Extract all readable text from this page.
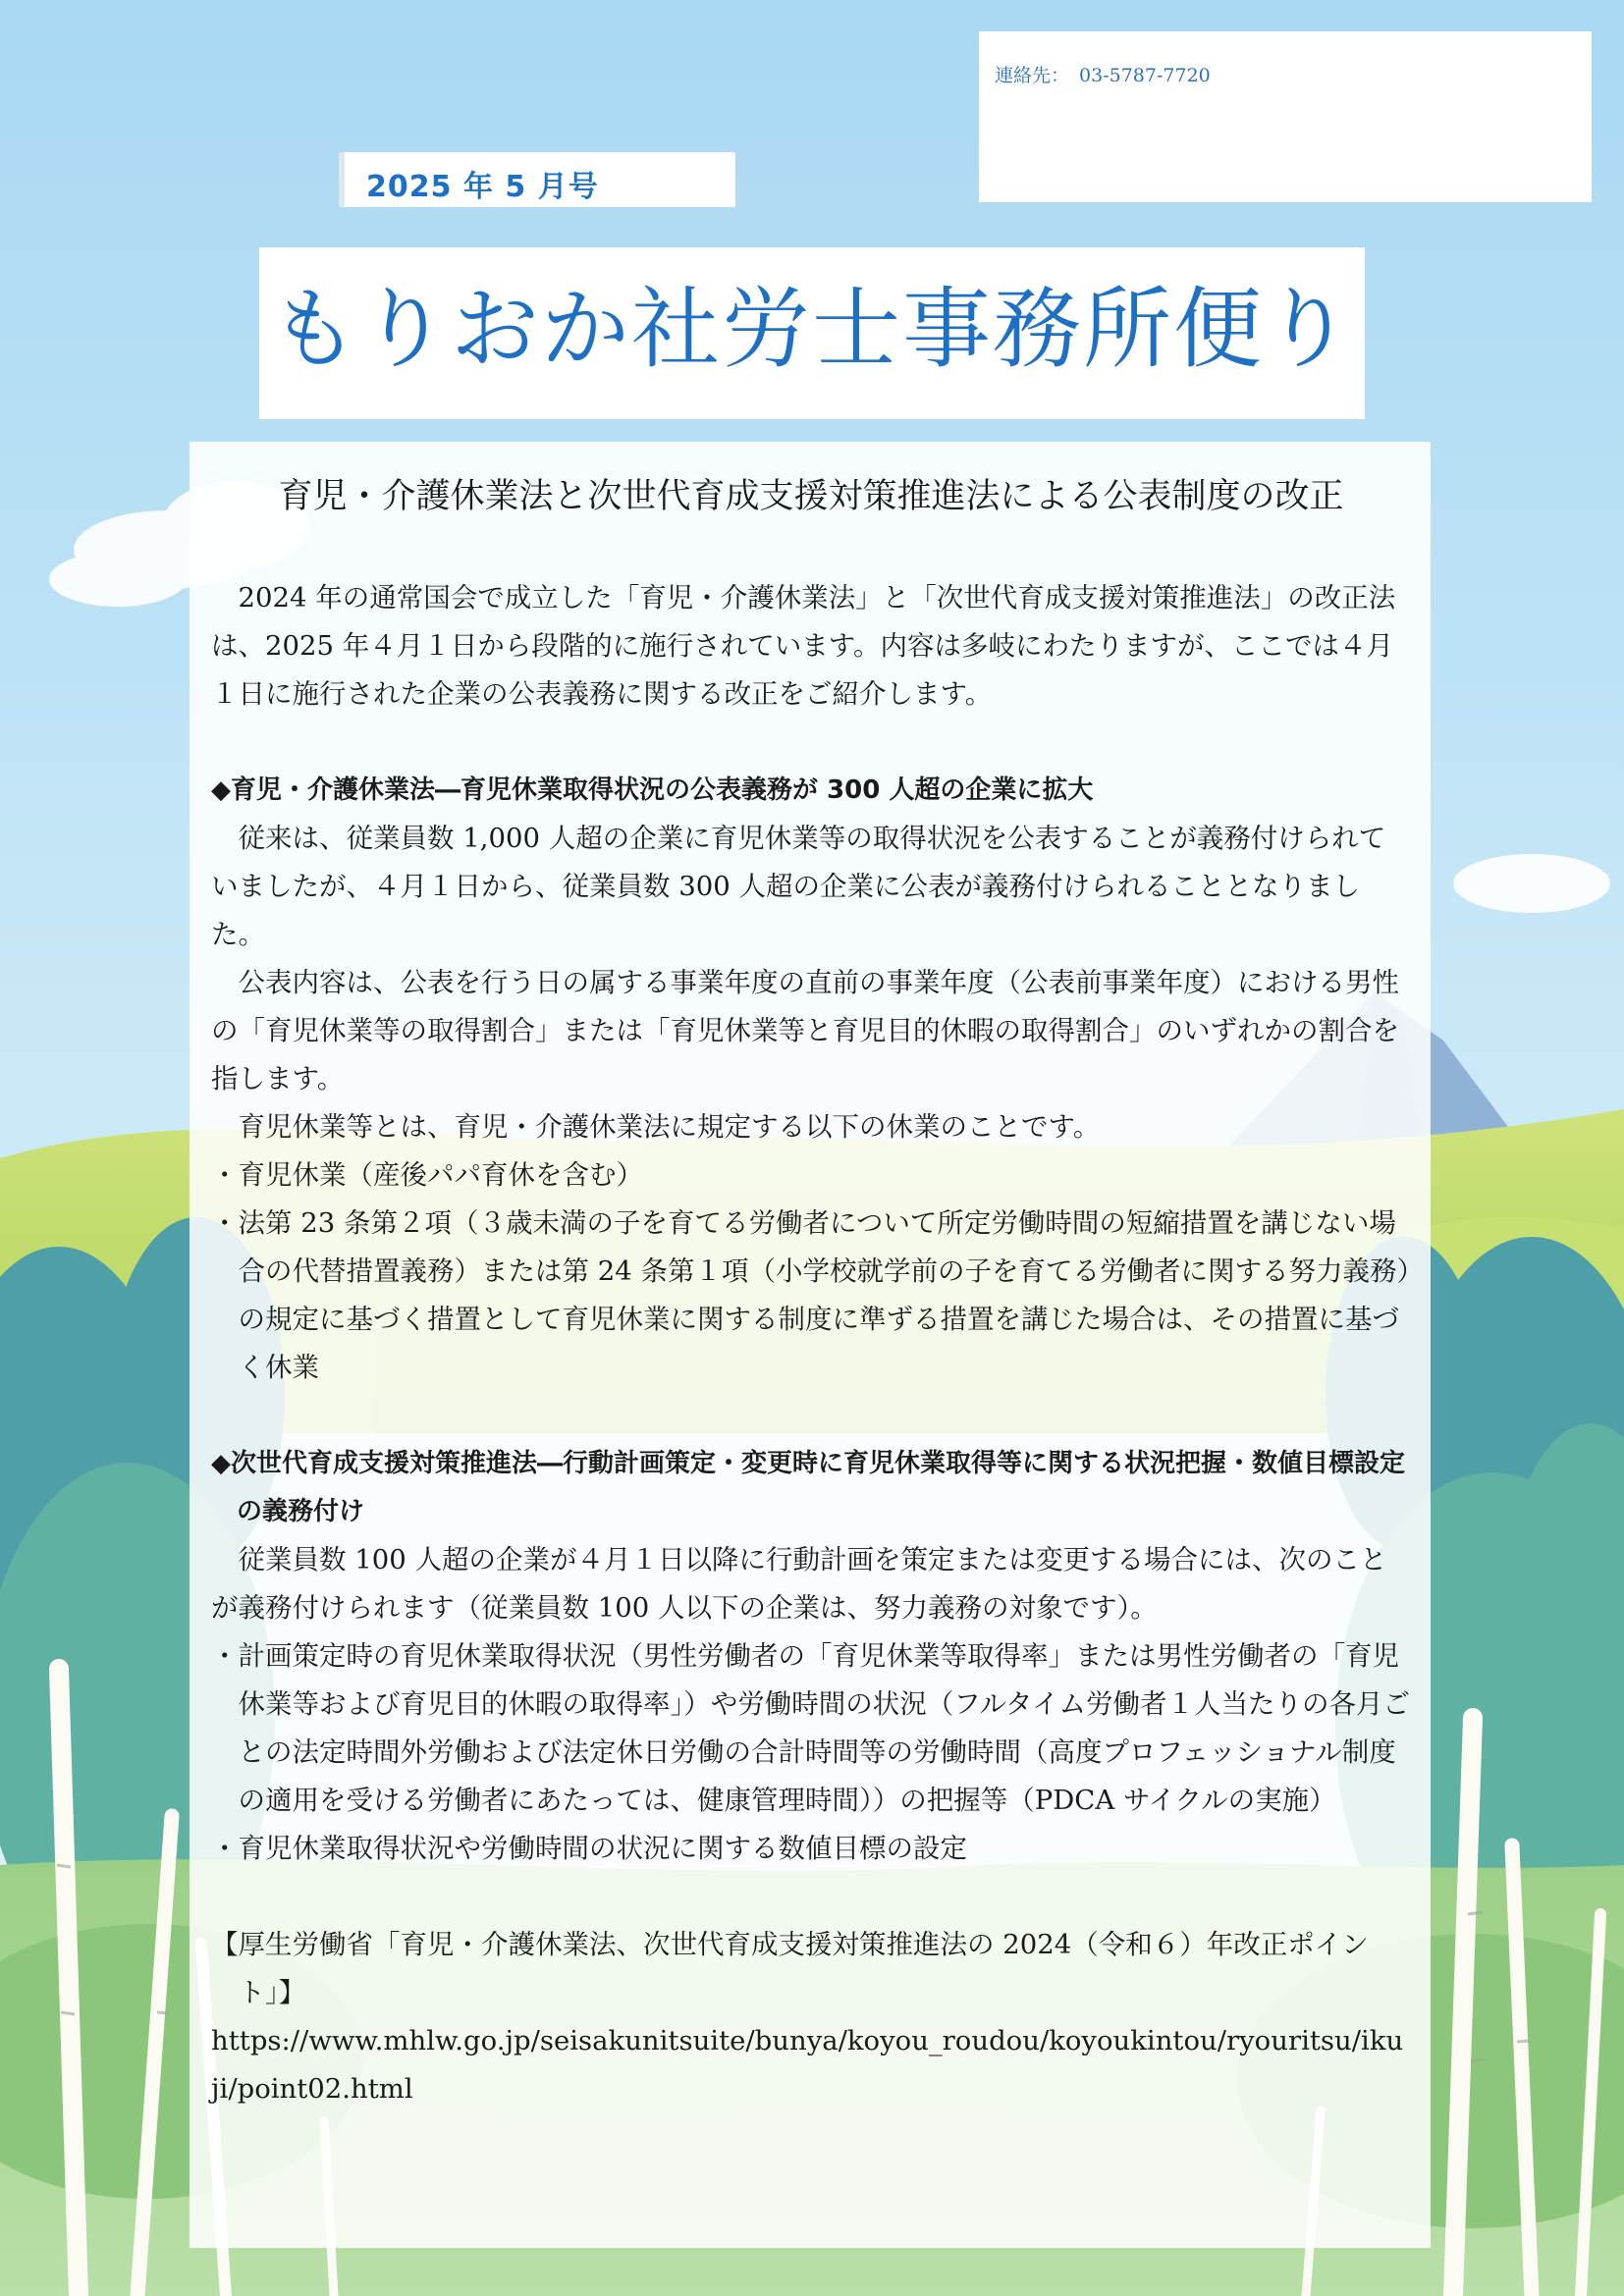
連絡先： 03-5787-7720
2025 年 5 月号
もりおか社労士事務所便り
育児・介護休業法と次世代育成支援対策推進法による公表制度の改正

2024 年の通常国会で成立した「育児・介護休業法」と「次世代育成支援対策推進法」の改正法は、2025 年４月１日から段階的に施行されています。内容は多岐にわたりますが、ここでは４月１日に施行された企業の公表義務に関する改正をご紹介します。

◆育児・介護休業法―育児休業取得状況の公表義務が 300 人超の企業に拡大

従来は、従業員数 1,000 人超の企業に育児休業等の取得状況を公表することが義務付けられていましたが、４月１日から、従業員数 300 人超の企業に公表が義務付けられることとなりました。

公表内容は、公表を行う日の属する事業年度の直前の事業年度（公表前事業年度）における男性の「育児休業等の取得割合」または「育児休業等と育児目的休暇の取得割合」のいずれかの割合を指します。

育児休業等とは、育児・介護休業法に規定する以下の休業のことです。

・育児休業（産後パパ育休を含む）

・法第 23 条第２項（３歳未満の子を育てる労働者について所定労働時間の短縮措置を講じない場合の代替措置義務）または第 24 条第１項（小学校就学前の子を育てる労働者に関する努力義務）の規定に基づく措置として育児休業に関する制度に準ずる措置を講じた場合は、その措置に基づく休業

◆次世代育成支援対策推進法―行動計画策定・変更時に育児休業取得等に関する状況把握・数値目標設定の義務付け

従業員数 100 人超の企業が４月１日以降に行動計画を策定または変更する場合には、次のことが義務付けられます（従業員数 100 人以下の企業は、努力義務の対象です）。

・計画策定時の育児休業取得状況（男性労働者の「育児休業等取得率」または男性労働者の「育児休業等および育児目的休暇の取得率」）や労働時間の状況（フルタイム労働者１人当たりの各月ごとの法定時間外労働および法定休日労働の合計時間等の労働時間（高度プロフェッショナル制度の適用を受ける労働者にあたっては、健康管理時間））の把握等（PDCA サイクルの実施）

・育児休業取得状況や労働時間の状況に関する数値目標の設定

【厚生労働省「育児・介護休業法、次世代育成支援対策推進法の 2024（令和６）年改正ポイント」】

https://www.mhlw.go.jp/seisakunitsuite/bunya/koyou_roudou/koyoukintou/ryouritsu/ikuji/point02.html
